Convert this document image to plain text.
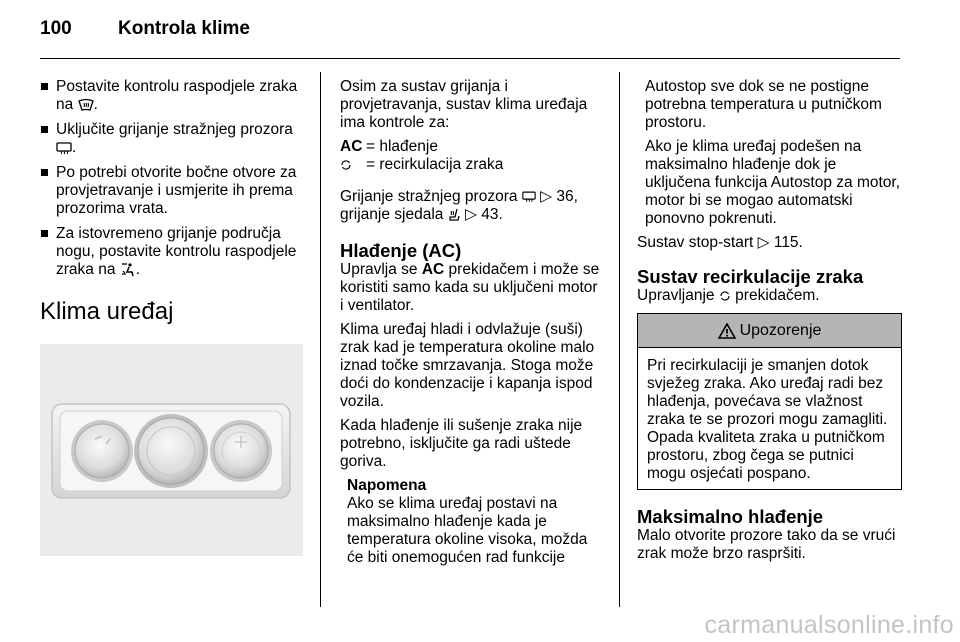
100	Kontrola klime
Postavite kontrolu raspodjele zraka na .
Uključite grijanje stražnjeg prozora .
Po potrebi otvorite bočne otvore za provjetravanje i usmjerite ih prema prozorima vrata.
Za istovremeno grijanje područja nogu, postavite kontrolu raspodjele zraka na .
Klima uređaj

Osim za sustav grijanja i provjetravanja, sustav klima uređaja ima kontrole za:

AC = hlađenje
= recirkulacija zraka

Grijanje stražnjeg prozora ▷ 36,
grijanje sjedala ▷ 43.

Hlađenje (AC)

Upravlja se AC prekidačem i može se koristiti samo kada su uključeni motor i ventilator.

Klima uređaj hladi i odvlažuje (suši) zrak kad je temperatura okoline malo iznad točke smrzavanja. Stoga može doći do kondenzacije i kapanja ispod vozila.

Kada hlađenje ili sušenje zraka nije potrebno, isključite ga radi uštede goriva.

Napomena
Ako se klima uređaj postavi na maksimalno hlađenje kada je temperatura okoline visoka, možda će biti onemogućen rad funkcije

Autostop sve dok se ne postigne potrebna temperatura u putničkom prostoru.

Ako je klima uređaj podešen na maksimalno hlađenje dok je uključena funkcija Autostop za motor, motor bi se mogao automatski ponovno pokrenuti.

Sustav stop-start ▷ 115.

Sustav recirkulacije zraka

Upravljanje prekidačem.

Upozorenje
Pri recirkulaciji je smanjen dotok svježeg zraka. Ako uređaj radi bez hlađenja, povećava se vlažnost zraka te se prozori mogu zamagliti. Opada kvaliteta zraka u putničkom prostoru, zbog čega se putnici mogu osjećati pospano.
Maksimalno hlađenje

Malo otvorite prozore tako da se vrući zrak može brzo raspršiti.

carmanualsonline.info
